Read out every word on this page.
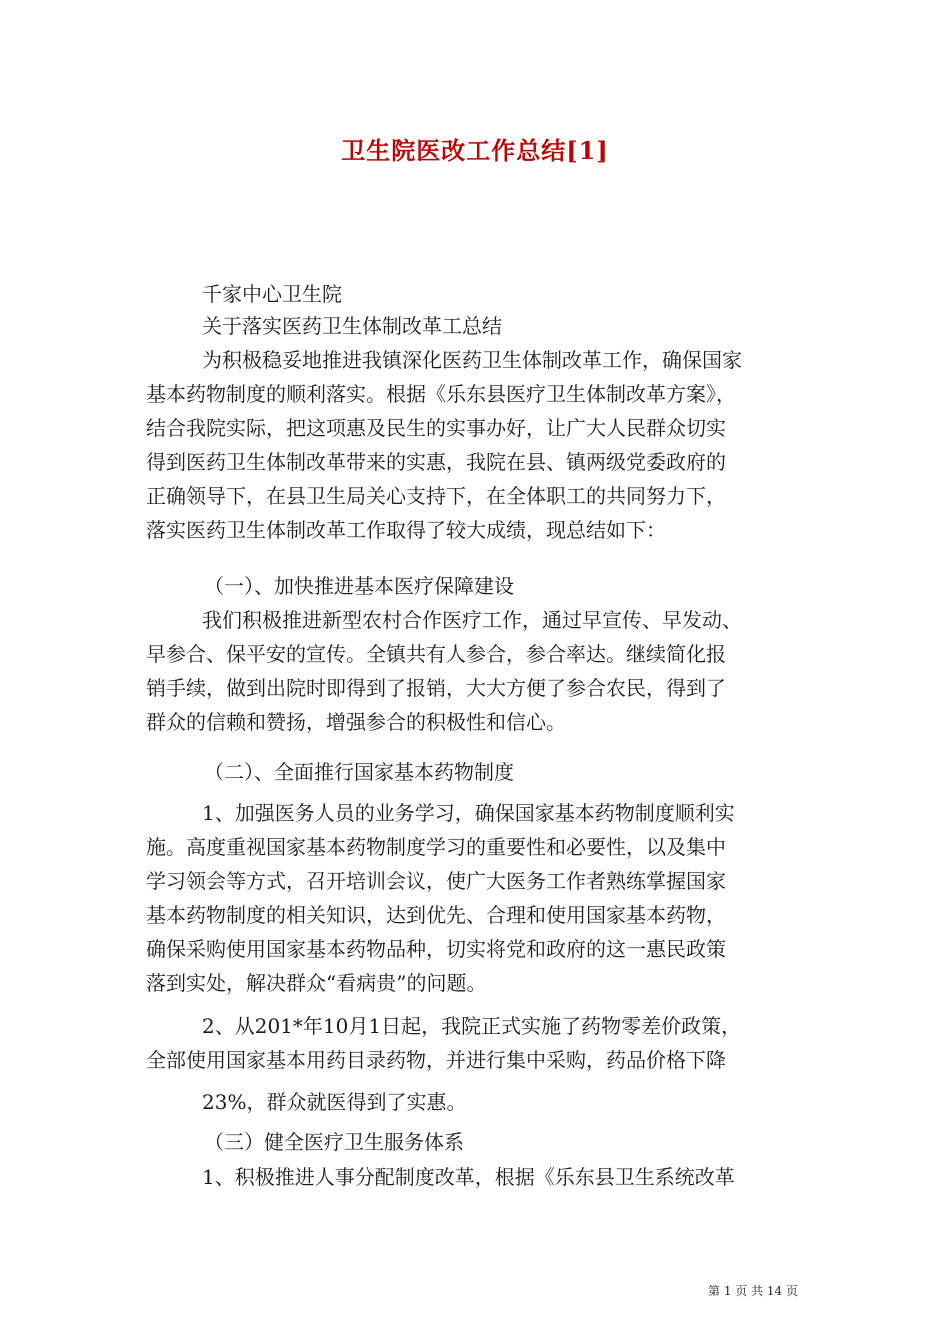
卫生院医改工作总结[1]
千家中心卫生院
关于落实医药卫生体制改革工总结
为积极稳妥地推进我镇深化医药卫生体制改革工作，确保国家
基本药物制度的顺利落实。根据《乐东县医疗卫生体制改革方案》，
结合我院实际，把这项惠及民生的实事办好，让广大人民群众切实
得到医药卫生体制改革带来的实惠，我院在县、镇两级党委政府的
正确领导下，在县卫生局关心支持下，在全体职工的共同努力下，
落实医药卫生体制改革工作取得了较大成绩，现总结如下：
（一）、加快推进基本医疗保障建设
我们积极推进新型农村合作医疗工作，通过早宣传、早发动、
早参合、保平安的宣传。全镇共有人参合，参合率达。继续简化报
销手续，做到出院时即得到了报销，大大方便了参合农民，得到了
群众的信赖和赞扬，增强参合的积极性和信心。
（二）、全面推行国家基本药物制度
1、加强医务人员的业务学习，确保国家基本药物制度顺利实
施。高度重视国家基本药物制度学习的重要性和必要性，以及集中
学习领会等方式，召开培训会议，使广大医务工作者熟练掌握国家
基本药物制度的相关知识，达到优先、合理和使用国家基本药物，
确保采购使用国家基本药物品种，切实将党和政府的这一惠民政策
落到实处，解决群众“看病贵”的问题。
2、从201*年10月1日起，我院正式实施了药物零差价政策，
全部使用国家基本用药目录药物，并进行集中采购，药品价格下降
23%，群众就医得到了实惠。
（三）健全医疗卫生服务体系
1、积极推进人事分配制度改革，根据《乐东县卫生系统改革
第 1 页 共 14 页
